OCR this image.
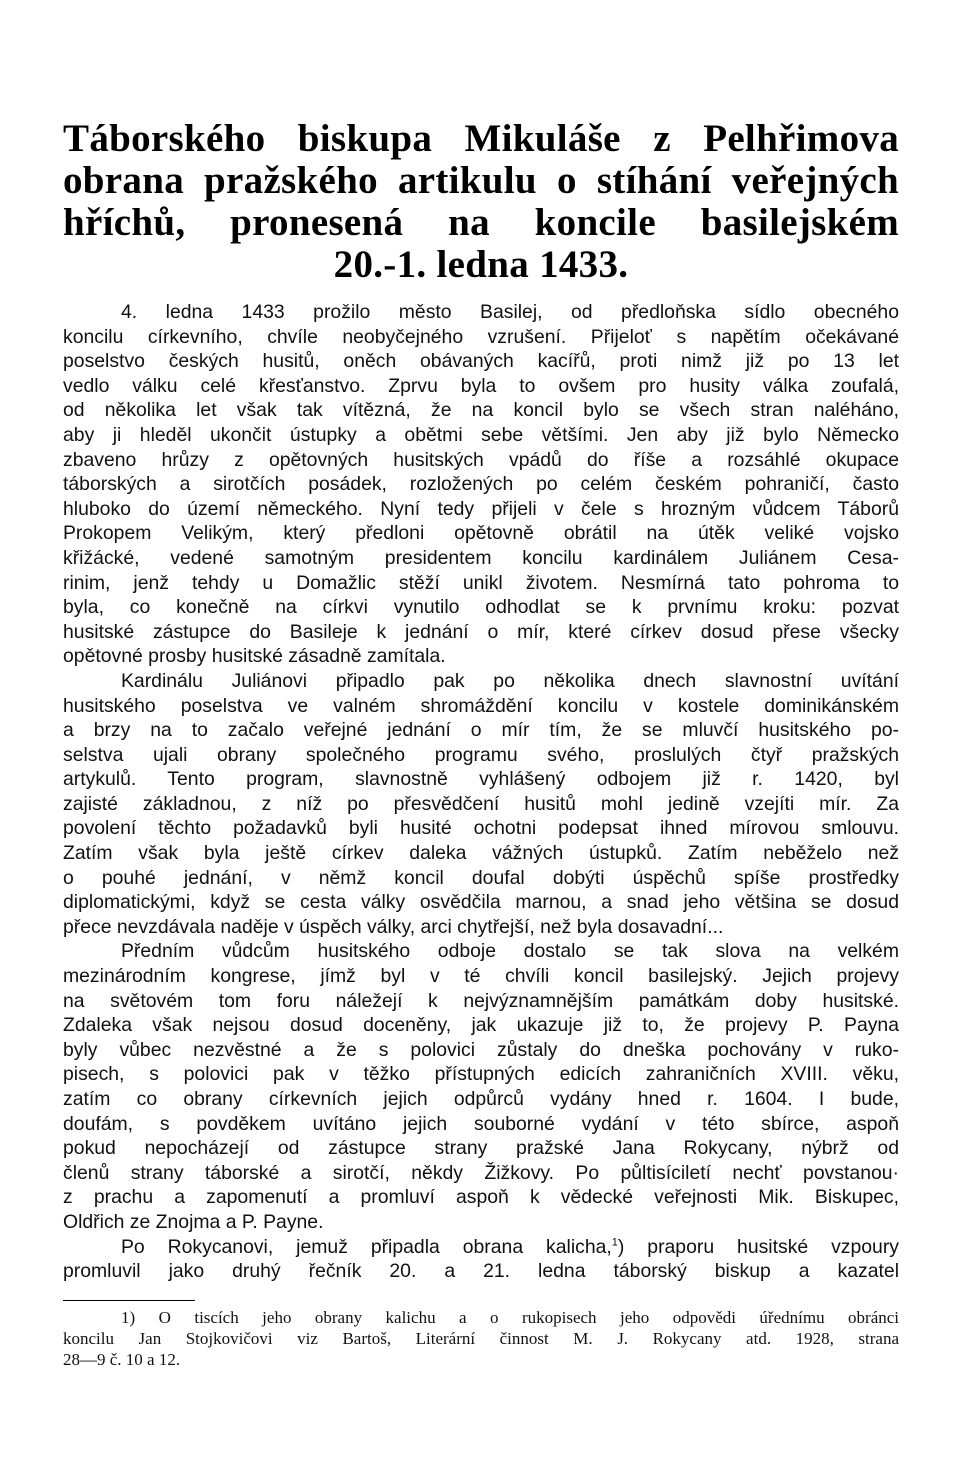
Táborského biskupa Mikuláše z Pelhřimova
obrana pražského artikulu o stíhání veřejných
hříchů, pronesená na koncile basilejském
20.-1. ledna 1433.
4. ledna 1433 prožilo město Basilej, od předloňska sídlo obecného
koncilu církevního, chvíle neobyčejného vzrušení. Přijeloť s napětím očekávané
poselstvo českých husitů, oněch obávaných kacířů, proti nimž již po 13 let
vedlo válku celé křesťanstvo. Zprvu byla to ovšem pro husity válka zoufalá,
od několika let však tak vítězná, že na koncil bylo se všech stran naléháno,
aby ji hleděl ukončit ústupky a obětmi sebe většími. Jen aby již bylo Německo
zbaveno hrůzy z opětovných husitských vpádů do říše a rozsáhlé okupace
táborských a sirotčích posádek, rozložených po celém českém pohraničí, často
hluboko do území německého. Nyní tedy přijeli v čele s hrozným vůdcem Táborů
Prokopem Velikým, který předloni opětovně obrátil na útěk veliké vojsko
křižácké, vedené samotným presidentem koncilu kardinálem Juliánem Cesa-
rinim, jenž tehdy u Domažlic stěží unikl životem. Nesmírná tato pohroma to
byla, co konečně na církvi vynutilo odhodlat se k prvnímu kroku: pozvat
husitské zástupce do Basileje k jednání o mír, které církev dosud přese všecky
opětovné prosby husitské zásadně zamítala.
Kardinálu Juliánovi připadlo pak po několika dnech slavnostní uvítání
husitského poselstva ve valném shromáždění koncilu v kostele dominikánském
a brzy na to začalo veřejné jednání o mír tím, že se mluvčí husitského po-
selstva ujali obrany společného programu svého, proslulých čtyř pražských
artykulů. Tento program, slavnostně vyhlášený odbojem již r. 1420, byl
zajisté základnou, z níž po přesvědčení husitů mohl jedině vzejíti mír. Za
povolení těchto požadavků byli husité ochotni podepsat ihned mírovou smlouvu.
Zatím však byla ještě církev daleka vážných ústupků. Zatím neběželo než
o pouhé jednání, v němž koncil doufal dobýti úspěchů spíše prostředky
diplomatickými, když se cesta války osvědčila marnou, a snad jeho většina se dosud
přece nevzdávala naděje v úspěch války, arci chytřejší, než byla dosavadní...
Předním vůdcům husitského odboje dostalo se tak slova na velkém
mezinárodním kongrese, jímž byl v té chvíli koncil basilejský. Jejich projevy
na světovém tom foru náležejí k nejvýznamnějším památkám doby husitské.
Zdaleka však nejsou dosud doceněny, jak ukazuje již to, že projevy P. Payna
byly vůbec nezvěstné a že s polovici zůstaly do dneška pochovány v ruko-
pisech, s polovici pak v těžko přístupných edicích zahraničních XVIII. věku,
zatím co obrany církevních jejich odpůrců vydány hned r. 1604. I bude,
doufám, s povděkem uvítáno jejich souborné vydání v této sbírce, aspoň
pokud nepocházejí od zástupce strany pražské Jana Rokycany, nýbrž od
členů strany táborské a sirotčí, někdy Žižkovy. Po půltisíciletí nechť povstanou·
z prachu a zapomenutí a promluví aspoň k vědecké veřejnosti Mik. Biskupec,
Oldřich ze Znojma a P. Payne.
Po Rokycanovi, jemuž připadla obrana kalicha,$^1$) praporu husitské vzpoury
promluvil jako druhý řečník 20. a 21. ledna táborský biskup a kazatel
1) O tiscích jeho obrany kalichu a o rukopisech jeho odpovědi úřednímu obránci
koncilu Jan Stojkovičovi viz Bartoš, Literární činnost M. J. Rokycany atd. 1928, strana
28—9 č. 10 a 12.
